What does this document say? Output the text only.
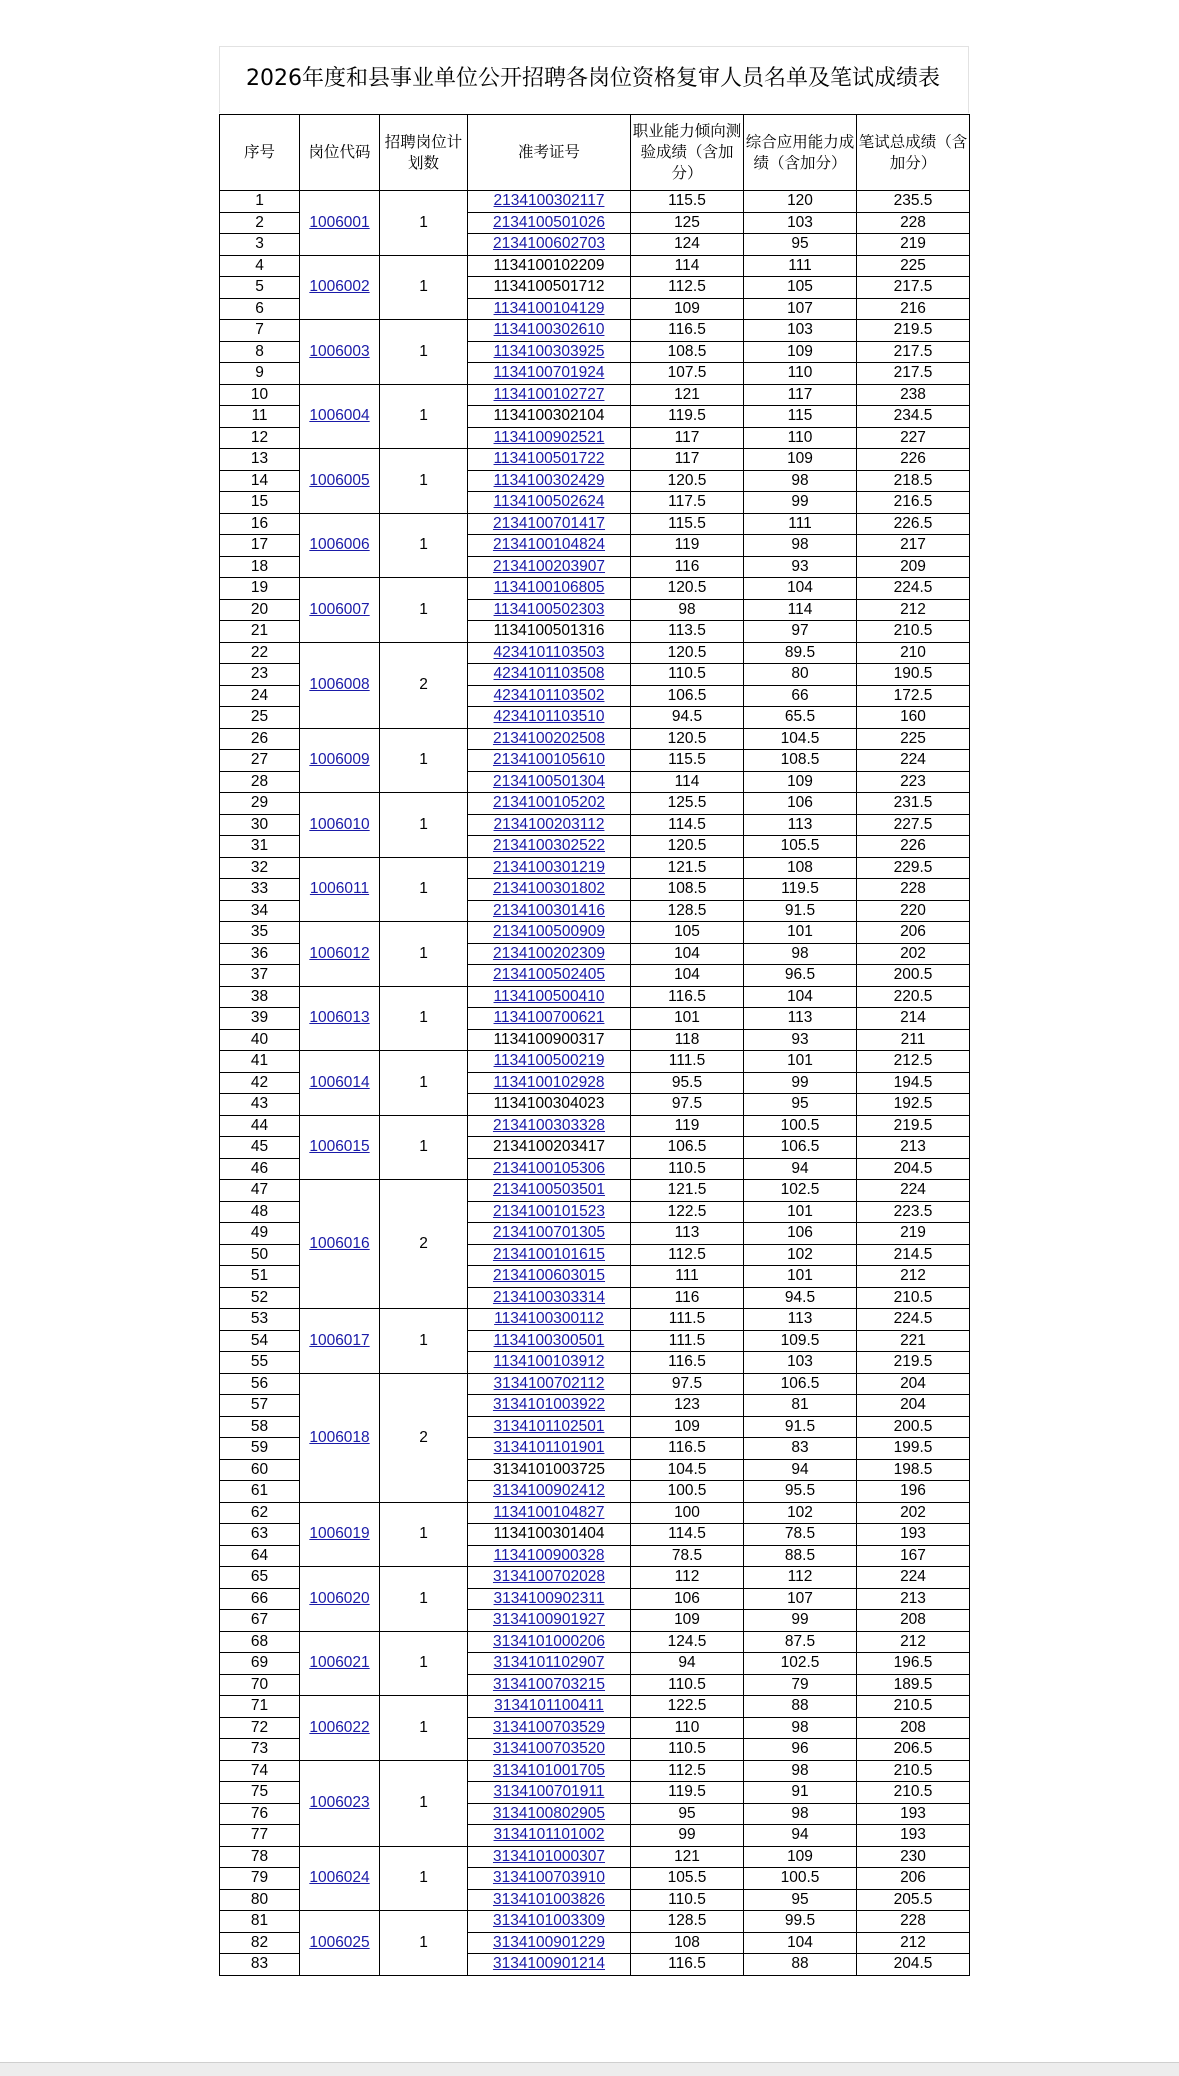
2026年度和县事业单位公开招聘各岗位资格复审人员名单及笔试成绩表
序号	岗位代码	招聘岗位计划数	准考证号	职业能力倾向测验成绩（含加分）	综合应用能力成绩（含加分）	笔试总成绩（含加分）
1	1006001	1	2134100302117	115.5	120	235.5
2			2134100501026	125	103	228
3			2134100602703	124	95	219
4	1006002	1	1134100102209	114	111	225
5			1134100501712	112.5	105	217.5
6			1134100104129	109	107	216
7	1006003	1	1134100302610	116.5	103	219.5
8			1134100303925	108.5	109	217.5
9			1134100701924	107.5	110	217.5
10	1006004	1	1134100102727	121	117	238
11			1134100302104	119.5	115	234.5
12			1134100902521	117	110	227
13	1006005	1	1134100501722	117	109	226
14			1134100302429	120.5	98	218.5
15			1134100502624	117.5	99	216.5
16	1006006	1	2134100701417	115.5	111	226.5
17			2134100104824	119	98	217
18			2134100203907	116	93	209
19	1006007	1	1134100106805	120.5	104	224.5
20			1134100502303	98	114	212
21			1134100501316	113.5	97	210.5
22	1006008	2	4234101103503	120.5	89.5	210
23			4234101103508	110.5	80	190.5
24			4234101103502	106.5	66	172.5
25			4234101103510	94.5	65.5	160
26	1006009	1	2134100202508	120.5	104.5	225
27			2134100105610	115.5	108.5	224
28			2134100501304	114	109	223
29	1006010	1	2134100105202	125.5	106	231.5
30			2134100203112	114.5	113	227.5
31			2134100302522	120.5	105.5	226
32	1006011	1	2134100301219	121.5	108	229.5
33			2134100301802	108.5	119.5	228
34			2134100301416	128.5	91.5	220
35	1006012	1	2134100500909	105	101	206
36			2134100202309	104	98	202
37			2134100502405	104	96.5	200.5
38	1006013	1	1134100500410	116.5	104	220.5
39			1134100700621	101	113	214
40			1134100900317	118	93	211
41	1006014	1	1134100500219	111.5	101	212.5
42			1134100102928	95.5	99	194.5
43			1134100304023	97.5	95	192.5
44	1006015	1	2134100303328	119	100.5	219.5
45			2134100203417	106.5	106.5	213
46			2134100105306	110.5	94	204.5
47	1006016	2	2134100503501	121.5	102.5	224
48			2134100101523	122.5	101	223.5
49			2134100701305	113	106	219
50			2134100101615	112.5	102	214.5
51			2134100603015	111	101	212
52			2134100303314	116	94.5	210.5
53	1006017	1	1134100300112	111.5	113	224.5
54			1134100300501	111.5	109.5	221
55			1134100103912	116.5	103	219.5
56	1006018	2	3134100702112	97.5	106.5	204
57			3134101003922	123	81	204
58			3134101102501	109	91.5	200.5
59			3134101101901	116.5	83	199.5
60			3134101003725	104.5	94	198.5
61			3134100902412	100.5	95.5	196
62	1006019	1	1134100104827	100	102	202
63			1134100301404	114.5	78.5	193
64			1134100900328	78.5	88.5	167
65	1006020	1	3134100702028	112	112	224
66			3134100902311	106	107	213
67			3134100901927	109	99	208
68	1006021	1	3134101000206	124.5	87.5	212
69			3134101102907	94	102.5	196.5
70			3134100703215	110.5	79	189.5
71	1006022	1	3134101100411	122.5	88	210.5
72			3134100703529	110	98	208
73			3134100703520	110.5	96	206.5
74	1006023	1	3134101001705	112.5	98	210.5
75			3134100701911	119.5	91	210.5
76			3134100802905	95	98	193
77			3134101101002	99	94	193
78	1006024	1	3134101000307	121	109	230
79			3134100703910	105.5	100.5	206
80			3134101003826	110.5	95	205.5
81	1006025	1	3134101003309	128.5	99.5	228
82			3134100901229	108	104	212
83			3134100901214	116.5	88	204.5
